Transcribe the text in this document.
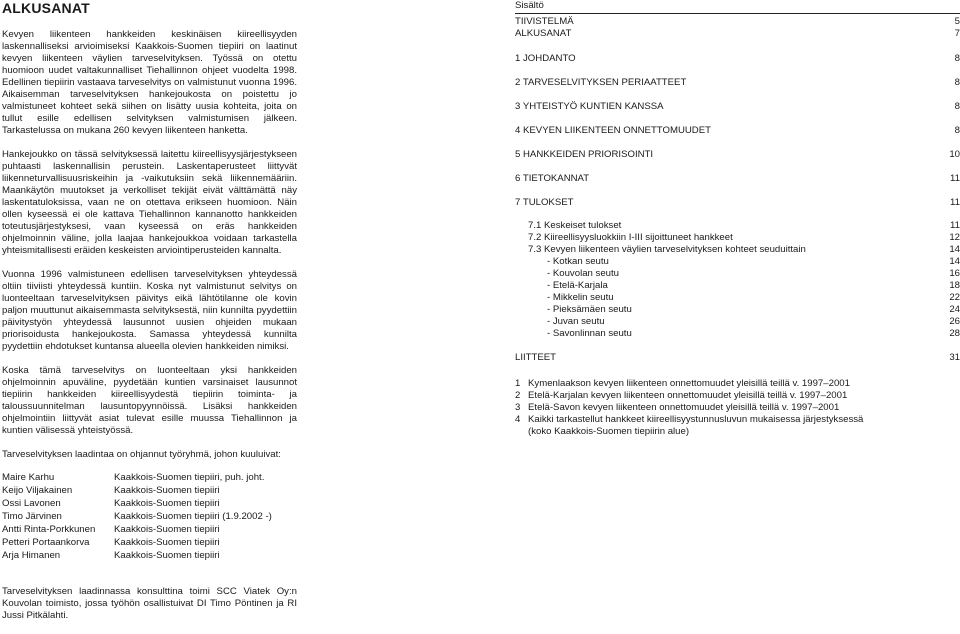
ALKUSANAT

Kevyen liikenteen hankkeiden keskinäisen kiireellisyyden laskennalliseksi arvioimiseksi Kaakkois-Suomen tiepiiri on laatinut kevyen liikenteen väylien tarveselvityksen. Työssä on otettu huomioon uudet valtakunnalliset Tiehallinnon ohjeet vuodelta 1998. Edellinen tiepiirin vastaava tarveselvitys on valmistunut vuonna 1996. Aikaisemman tarveselvityksen hankejoukosta on poistettu jo valmistuneet kohteet sekä siihen on lisätty uusia kohteita, joita on tullut esille edellisen selvityksen valmistumisen jälkeen. Tarkastelussa on mukana 260 kevyen liikenteen hanketta.

Hankejoukko on tässä selvityksessä laitettu kiireellisyysjärjestykseen puhtaasti laskennallisin perustein. Laskentaperusteet liittyvät liikenneturvallisuusriskeihin ja -vaikutuksiin sekä liikennemääriin. Maankäytön muutokset ja verkolliset tekijät eivät välttämättä näy laskentatuloksissa, vaan ne on otettava erikseen huomioon. Näin ollen kyseessä ei ole kattava Tiehallinnon kannanotto hankkeiden toteutusjärjestyksesi, vaan kyseessä on eräs hankkeiden ohjelmoinnin väline, jolla laajaa hankejoukkoa voidaan tarkastella yhteismitallisesti eräiden keskeisten arviointiperusteiden kannalta.

Vuonna 1996 valmistuneen edellisen tarveselvityksen yhteydessä oltiin tiiviisti yhteydessä kuntiin. Koska nyt valmistunut selvitys on luonteeltaan tarveselvityksen päivitys eikä lähtötilanne ole kovin paljon muuttunut aikaisemmasta selvityksestä, niin kunnilta pyydettiin päivitystyön yhteydessä lausunnot uusien ohjeiden mukaan priorisoidusta hankejoukosta. Samassa yhteydessä kunnilta pyydettiin ehdotukset kuntansa alueella olevien hankkeiden nimiksi.

Koska tämä tarveselvitys on luonteeltaan yksi hankkeiden ohjelmoinnin apuväline, pyydetään kuntien varsinaiset lausunnot tiepiirin hankkeiden kiireellisyydestä tiepiirin toiminta- ja taloussuunnitelman lausuntopyynnöissä. Lisäksi hankkeiden ohjelmointiin liittyvät asiat tulevat esille muussa Tiehallinnon ja kuntien välisessä yhteistyössä.

Tarveselvityksen laadintaa on ohjannut työryhmä, johon kuuluivat:

Maire Karhu	Kaakkois-Suomen tiepiiri, puh. joht.
Keijo Viljakainen	Kaakkois-Suomen tiepiiri
Ossi Lavonen	Kaakkois-Suomen tiepiiri
Timo Järvinen	Kaakkois-Suomen tiepiiri (1.9.2002 -)
Antti Rinta-Porkkunen	Kaakkois-Suomen tiepiiri
Petteri Portaankorva	Kaakkois-Suomen tiepiiri
Arja Himanen	Kaakkois-Suomen tiepiiri

Tarveselvityksen laadinnassa konsulttina toimi SCC Viatek Oy:n Kouvolan toimisto, jossa työhön osallistuivat DI Timo Pöntinen ja RI Jussi Pitkälahti.

Sisältö
TIIVISTELMÄ	5
ALKUSANAT	7
1 JOHDANTO	8
2 TARVESELVITYKSEN PERIAATTEET	8
3 YHTEISTYÖ KUNTIEN KANSSA	8
4 KEVYEN LIIKENTEEN ONNETTOMUUDET	8
5 HANKKEIDEN PRIORISOINTI	10
6 TIETOKANNAT	11
7 TULOKSET	11
7.1 Keskeiset tulokset	11
7.2 Kiireellisyysluokkiin I-III sijoittuneet hankkeet	12
7.3 Kevyen liikenteen väylien tarveselvityksen kohteet seuduittain	14
- Kotkan seutu	14
- Kouvolan seutu	16
- Etelä-Karjala	18
- Mikkelin seutu	22
- Pieksämäen seutu	24
- Juvan seutu	26
- Savonlinnan seutu	28
LIITTEET	31
1 Kymenlaakson kevyen liikenteen onnettomuudet yleisillä teillä v. 1997–2001
2 Etelä-Karjalan kevyen liikenteen onnettomuudet yleisillä teillä v. 1997–2001
3 Etelä-Savon kevyen liikenteen onnettomuudet yleisillä teillä v. 1997–2001
4 Kaikki tarkastellut hankkeet kiireellisyystunnusluvun mukaisessa järjestyksessä
(koko Kaakkois-Suomen tiepiirin alue)
